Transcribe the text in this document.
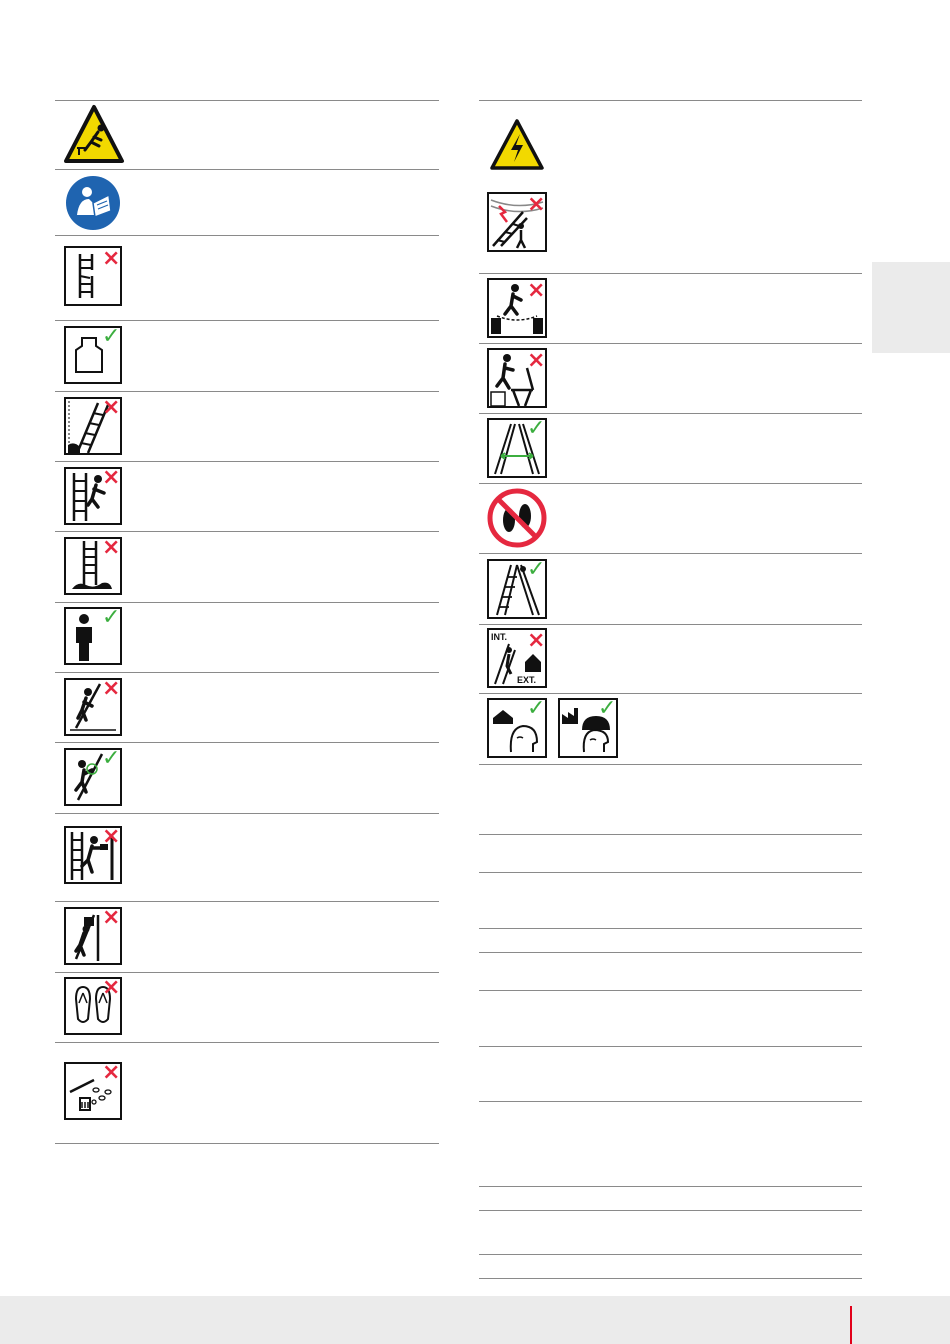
×
✓
×
×
×
✓
×
✓
×
×
×
×
×
×
×
✓
✓
INT.
EXT.
×
✓ ✓
